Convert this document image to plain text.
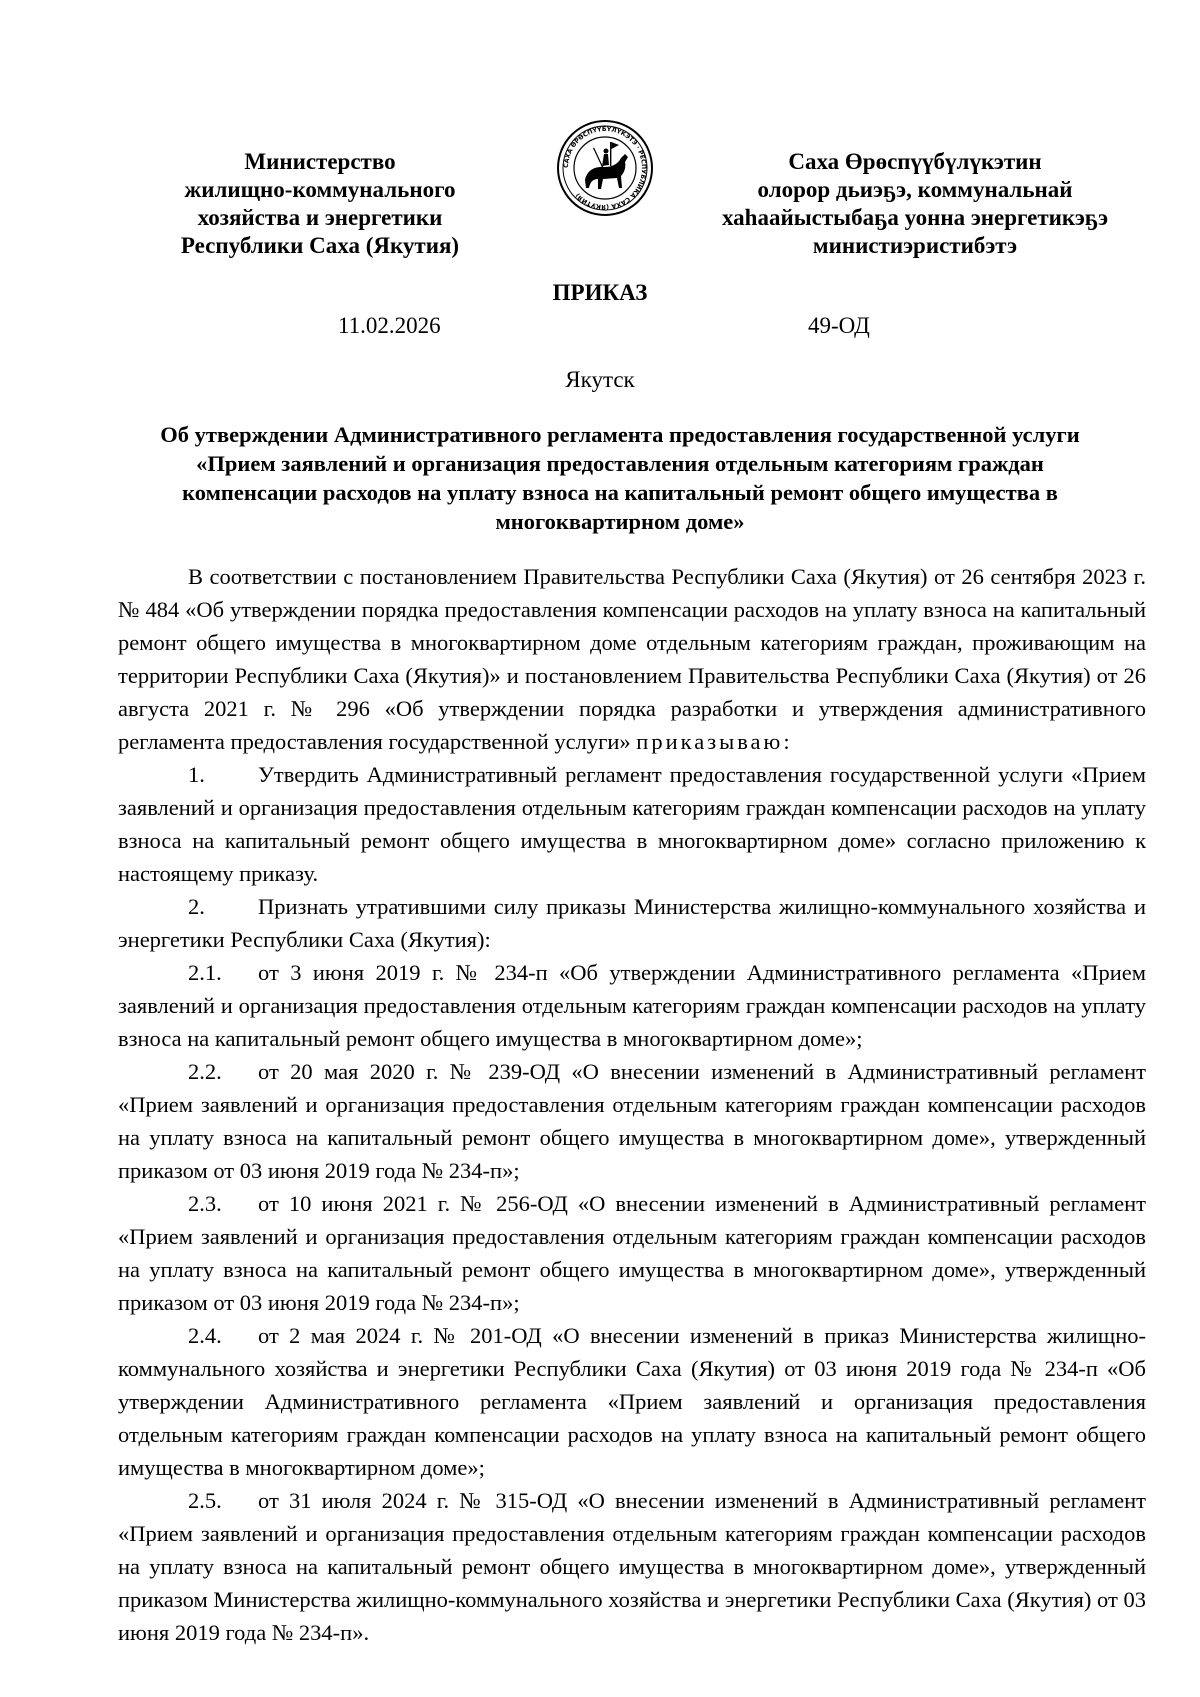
Министерство
жилищно-коммунального
хозяйства и энергетики
Республики Саха (Якутия)
САХА ӨРӨСПҮҮБҮЛҮКЭТЭ · РЕСПУБЛИКА САХА (ЯКУТИЯ)
Саха Өрөспүүбүлүкэтин
олорор дьиэҕэ, коммунальнай
хаһаайыстыбаҕа уонна энергетикэҕэ
министиэристибэтэ
ПРИКАЗ
11.02.2026	49-ОД
Якутск
Об утверждении Административного регламента предоставления государственной услуги
«Прием заявлений и организация предоставления отдельным категориям граждан
компенсации расходов на уплату взноса на капитальный ремонт общего имущества в
многоквартирном доме»

В соответствии с постановлением Правительства Республики Саха (Якутия) от 26 сентября 2023 г. № 484 «Об утверждении порядка предоставления компенсации расходов на уплату взноса на капитальный ремонт общего имущества в многоквартирном доме отдельным категориям граждан, проживающим на территории Республики Саха (Якутия)» и постановлением Правительства Республики Саха (Якутия) от 26 августа 2021 г. № 296 «Об утверждении порядка разработки и утверждения административного регламента предоставления государственной услуги» приказываю:

1. Утвердить Административный регламент предоставления государственной услуги «Прием заявлений и организация предоставления отдельным категориям граждан компенсации расходов на уплату взноса на капитальный ремонт общего имущества в многоквартирном доме» согласно приложению к настоящему приказу.

2. Признать утратившими силу приказы Министерства жилищно-коммунального хозяйства и энергетики Республики Саха (Якутия):

2.1. от 3 июня 2019 г. № 234-п «Об утверждении Административного регламента «Прием заявлений и организация предоставления отдельным категориям граждан компенсации расходов на уплату взноса на капитальный ремонт общего имущества в многоквартирном доме»;

2.2. от 20 мая 2020 г. № 239-ОД «О внесении изменений в Административный регламент «Прием заявлений и организация предоставления отдельным категориям граждан компенсации расходов на уплату взноса на капитальный ремонт общего имущества в многоквартирном доме», утвержденный приказом от 03 июня 2019 года № 234-п»;

2.3. от 10 июня 2021 г. № 256-ОД «О внесении изменений в Административный регламент «Прием заявлений и организация предоставления отдельным категориям граждан компенсации расходов на уплату взноса на капитальный ремонт общего имущества в многоквартирном доме», утвержденный приказом от 03 июня 2019 года № 234-п»;

2.4. от 2 мая 2024 г. № 201-ОД «О внесении изменений в приказ Министерства жилищно-коммунального хозяйства и энергетики Республики Саха (Якутия) от 03 июня 2019 года № 234-п «Об утверждении Административного регламента «Прием заявлений и организация предоставления отдельным категориям граждан компенсации расходов на уплату взноса на капитальный ремонт общего имущества в многоквартирном доме»;

2.5. от 31 июля 2024 г. № 315-ОД «О внесении изменений в Административный регламент «Прием заявлений и организация предоставления отдельным категориям граждан компенсации расходов на уплату взноса на капитальный ремонт общего имущества в многоквартирном доме», утвержденный приказом Министерства жилищно-коммунального хозяйства и энергетики Республики Саха (Якутия) от 03 июня 2019 года № 234-п».
